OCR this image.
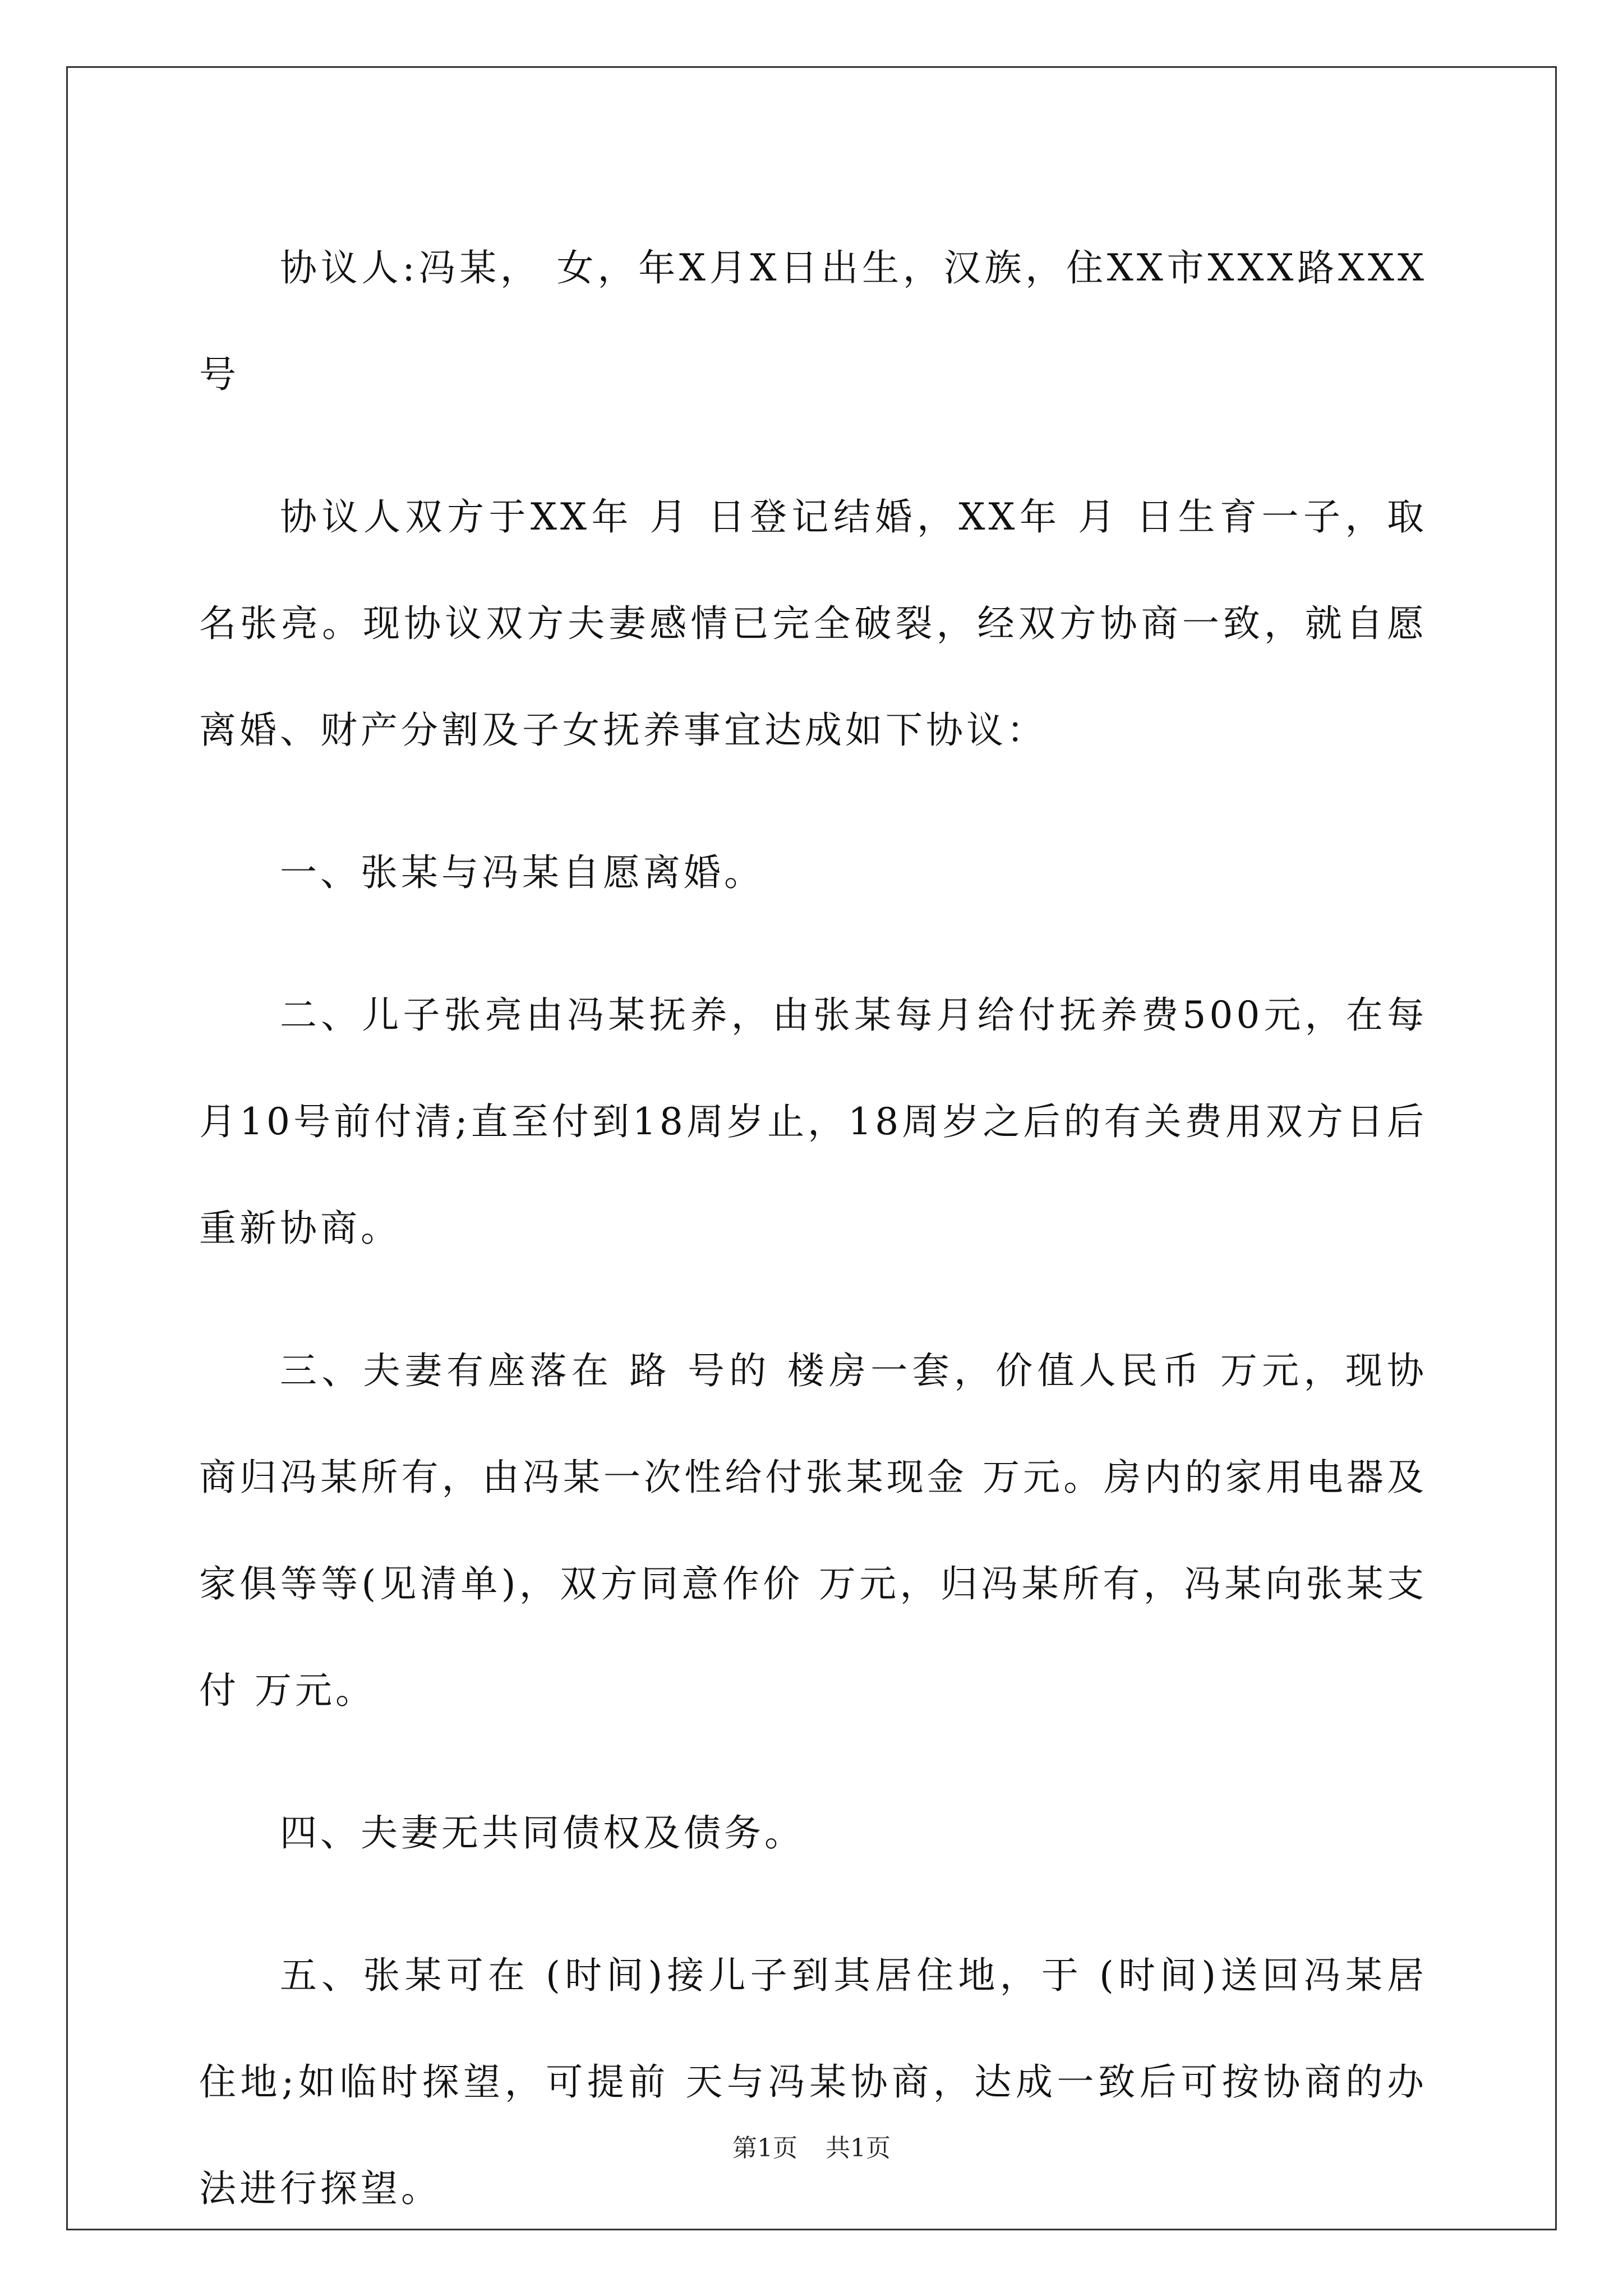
协议人:冯某， 女，年X月X日出生，汉族，住XX市XXX路XXX号

协议人双方于XX年 月 日登记结婚，XX年 月 日生育一子，取名张亮。现协议双方夫妻感情已完全破裂，经双方协商一致，就自愿离婚、财产分割及子女抚养事宜达成如下协议：

一、张某与冯某自愿离婚。

二、儿子张亮由冯某抚养，由张某每月给付抚养费500元，在每月10号前付清;直至付到18周岁止，18周岁之后的有关费用双方日后重新协商。

三、夫妻有座落在 路 号的 楼房一套，价值人民币 万元，现协商归冯某所有，由冯某一次性给付张某现金 万元。房内的家用电器及家俱等等(见清单)，双方同意作价 万元，归冯某所有，冯某向张某支付 万元。

四、夫妻无共同债权及债务。

五、张某可在 (时间)接儿子到其居住地，于 (时间)送回冯某居住地;如临时探望，可提前 天与冯某协商，达成一致后可按协商的办法进行探望。

第1页 共1页
